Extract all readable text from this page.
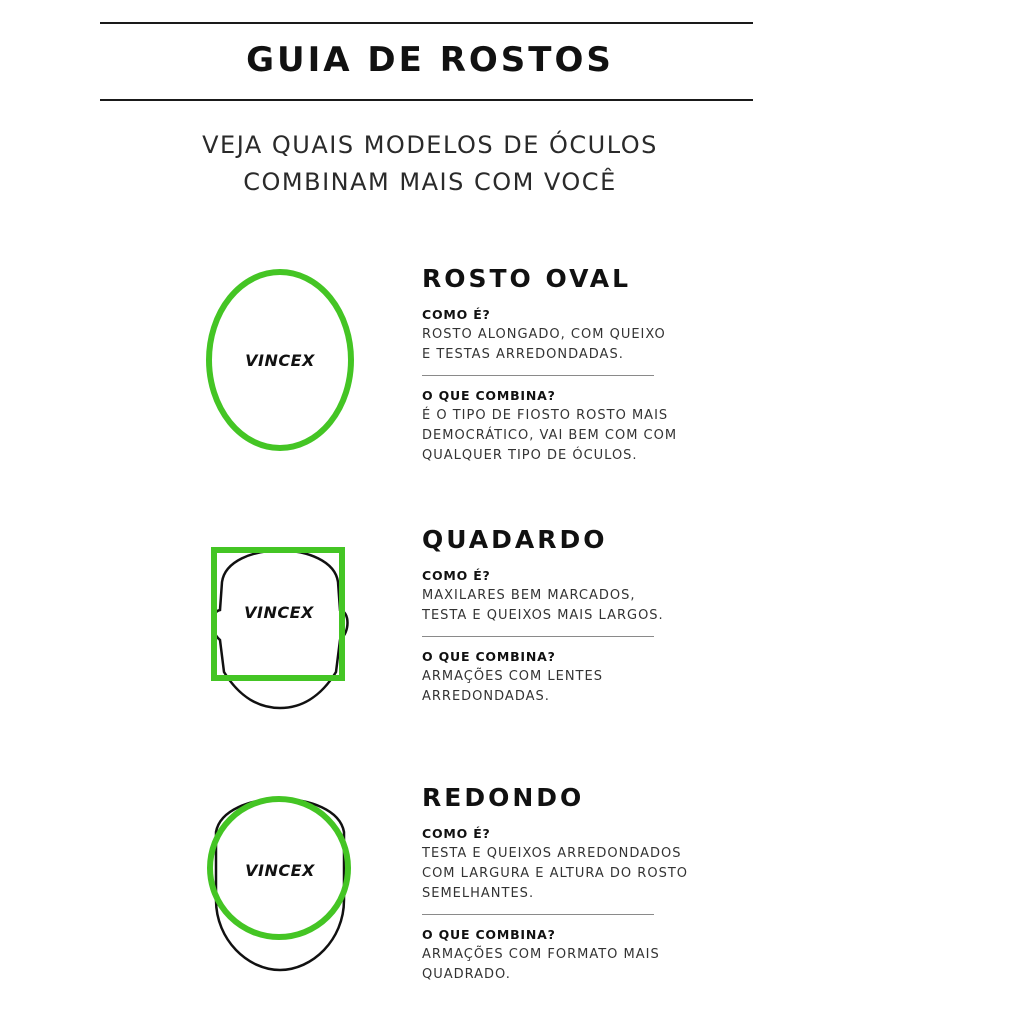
GUIA DE ROSTOS
VEJA QUAIS MODELOS DE ÓCULOS
COMBINAM MAIS COM VOCÊ
VINCEX
ROSTO OVAL
COMO É?
ROSTO ALONGADO, COM QUEIXO
E TESTAS ARREDONDADAS.
O QUE COMBINA?
É O TIPO DE FIOSTO ROSTO MAIS
DEMOCRÁTICO, VAI BEM COM COM
QUALQUER TIPO DE ÓCULOS.
VINCEX
QUADARDO
COMO É?
MAXILARES BEM MARCADOS,
TESTA E QUEIXOS MAIS LARGOS.
O QUE COMBINA?
ARMAÇÕES COM LENTES
ARREDONDADAS.
VINCEX
REDONDO
COMO É?
TESTA E QUEIXOS ARREDONDADOS
COM LARGURA E ALTURA DO ROSTO
SEMELHANTES.
O QUE COMBINA?
ARMAÇÕES COM FORMATO MAIS
QUADRADO.
